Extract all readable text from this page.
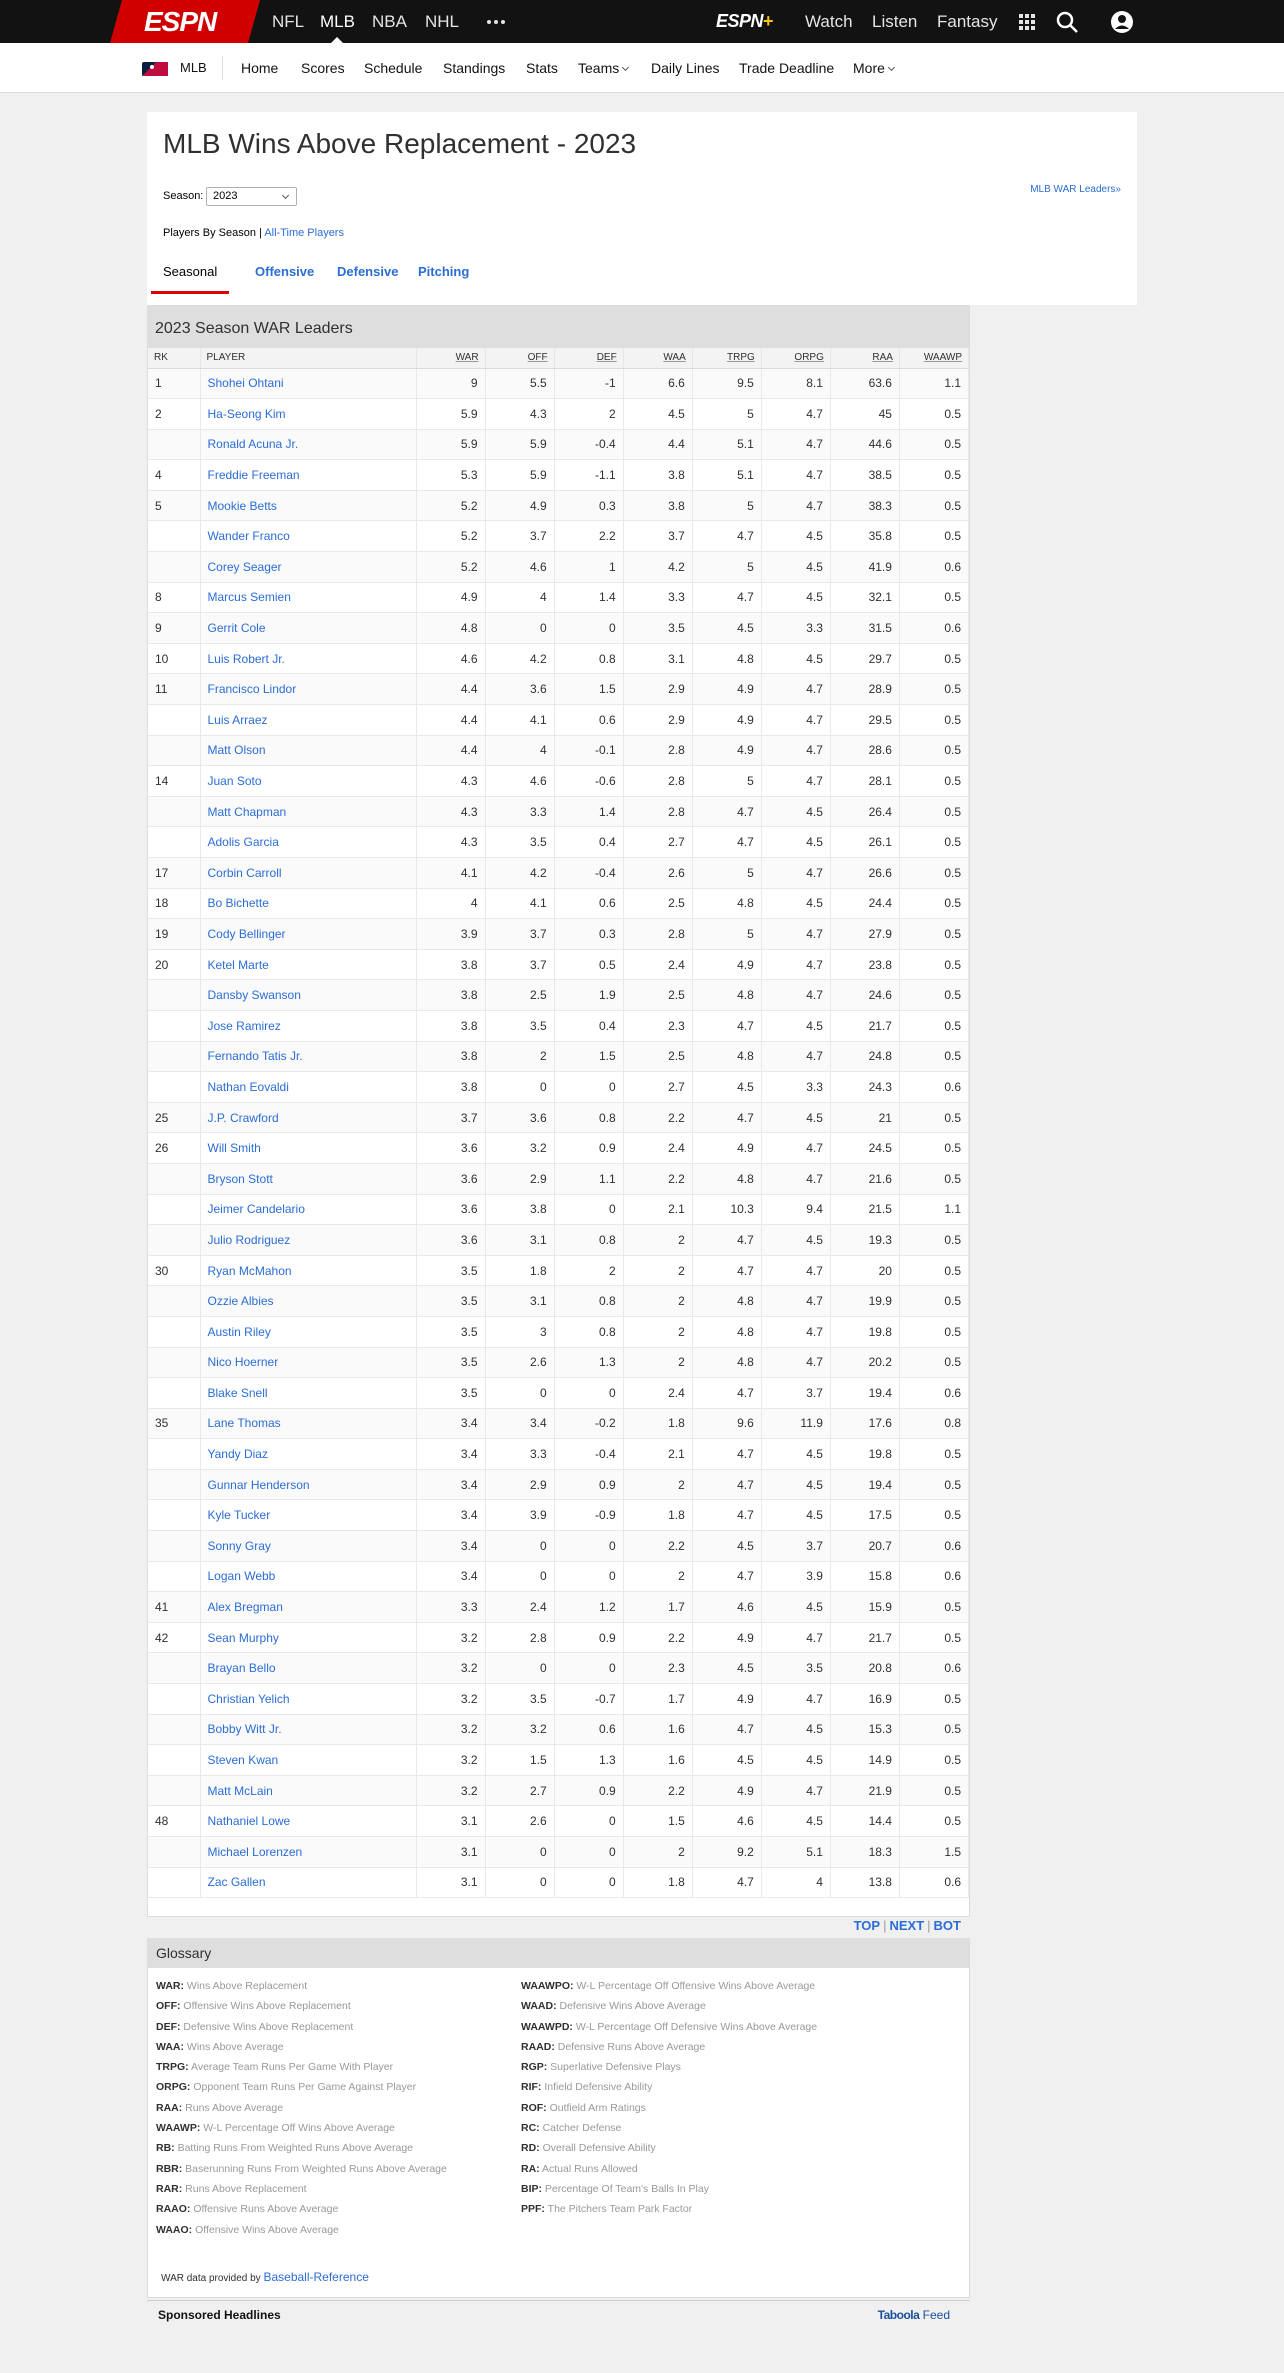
ESPN	NFL MLB NBA NHL	ESPN+ Watch Listen Fantasy
MLB Home Scores Schedule Standings Stats Teams	Daily Lines Trade Deadline More
MLB Wins Above Replacement - 2023
Season: 2023
MLB WAR Leaders»
Players By Season | All-Time Players
Seasonal	Offensive Defensive Pitching
2023 Season WAR Leaders
RK	PLAYER	WAR	OFF	DEF	WAA	TRPG	ORPG	RAA	WAAWP
1	Shohei Ohtani	9	5.5	-1	6.6	9.5	8.1	63.6	1.1
2	Ha-Seong Kim	5.9	4.3	2	4.5	5	4.7	45	0.5
	Ronald Acuna Jr.	5.9	5.9	-0.4	4.4	5.1	4.7	44.6	0.5
4	Freddie Freeman	5.3	5.9	-1.1	3.8	5.1	4.7	38.5	0.5
5	Mookie Betts	5.2	4.9	0.3	3.8	5	4.7	38.3	0.5
	Wander Franco	5.2	3.7	2.2	3.7	4.7	4.5	35.8	0.5
	Corey Seager	5.2	4.6	1	4.2	5	4.5	41.9	0.6
8	Marcus Semien	4.9	4	1.4	3.3	4.7	4.5	32.1	0.5
9	Gerrit Cole	4.8	0	0	3.5	4.5	3.3	31.5	0.6
10	Luis Robert Jr.	4.6	4.2	0.8	3.1	4.8	4.5	29.7	0.5
11	Francisco Lindor	4.4	3.6	1.5	2.9	4.9	4.7	28.9	0.5
	Luis Arraez	4.4	4.1	0.6	2.9	4.9	4.7	29.5	0.5
	Matt Olson	4.4	4	-0.1	2.8	4.9	4.7	28.6	0.5
14	Juan Soto	4.3	4.6	-0.6	2.8	5	4.7	28.1	0.5
	Matt Chapman	4.3	3.3	1.4	2.8	4.7	4.5	26.4	0.5
	Adolis Garcia	4.3	3.5	0.4	2.7	4.7	4.5	26.1	0.5
17	Corbin Carroll	4.1	4.2	-0.4	2.6	5	4.7	26.6	0.5
18	Bo Bichette	4	4.1	0.6	2.5	4.8	4.5	24.4	0.5
19	Cody Bellinger	3.9	3.7	0.3	2.8	5	4.7	27.9	0.5
20	Ketel Marte	3.8	3.7	0.5	2.4	4.9	4.7	23.8	0.5
	Dansby Swanson	3.8	2.5	1.9	2.5	4.8	4.7	24.6	0.5
	Jose Ramirez	3.8	3.5	0.4	2.3	4.7	4.5	21.7	0.5
	Fernando Tatis Jr.	3.8	2	1.5	2.5	4.8	4.7	24.8	0.5
	Nathan Eovaldi	3.8	0	0	2.7	4.5	3.3	24.3	0.6
25	J.P. Crawford	3.7	3.6	0.8	2.2	4.7	4.5	21	0.5
26	Will Smith	3.6	3.2	0.9	2.4	4.9	4.7	24.5	0.5
	Bryson Stott	3.6	2.9	1.1	2.2	4.8	4.7	21.6	0.5
	Jeimer Candelario	3.6	3.8	0	2.1	10.3	9.4	21.5	1.1
	Julio Rodriguez	3.6	3.1	0.8	2	4.7	4.5	19.3	0.5
30	Ryan McMahon	3.5	1.8	2	2	4.7	4.7	20	0.5
	Ozzie Albies	3.5	3.1	0.8	2	4.8	4.7	19.9	0.5
	Austin Riley	3.5	3	0.8	2	4.8	4.7	19.8	0.5
	Nico Hoerner	3.5	2.6	1.3	2	4.8	4.7	20.2	0.5
	Blake Snell	3.5	0	0	2.4	4.7	3.7	19.4	0.6
35	Lane Thomas	3.4	3.4	-0.2	1.8	9.6	11.9	17.6	0.8
	Yandy Diaz	3.4	3.3	-0.4	2.1	4.7	4.5	19.8	0.5
	Gunnar Henderson	3.4	2.9	0.9	2	4.7	4.5	19.4	0.5
	Kyle Tucker	3.4	3.9	-0.9	1.8	4.7	4.5	17.5	0.5
	Sonny Gray	3.4	0	0	2.2	4.5	3.7	20.7	0.6
	Logan Webb	3.4	0	0	2	4.7	3.9	15.8	0.6
41	Alex Bregman	3.3	2.4	1.2	1.7	4.6	4.5	15.9	0.5
42	Sean Murphy	3.2	2.8	0.9	2.2	4.9	4.7	21.7	0.5
	Brayan Bello	3.2	0	0	2.3	4.5	3.5	20.8	0.6
	Christian Yelich	3.2	3.5	-0.7	1.7	4.9	4.7	16.9	0.5
	Bobby Witt Jr.	3.2	3.2	0.6	1.6	4.7	4.5	15.3	0.5
	Steven Kwan	3.2	1.5	1.3	1.6	4.5	4.5	14.9	0.5
	Matt McLain	3.2	2.7	0.9	2.2	4.9	4.7	21.9	0.5
48	Nathaniel Lowe	3.1	2.6	0	1.5	4.6	4.5	14.4	0.5
	Michael Lorenzen	3.1	0	0	2	9.2	5.1	18.3	1.5
	Zac Gallen	3.1	0	0	1.8	4.7	4	13.8	0.6
TOP | NEXT | BOT
Glossary
WAR: Wins Above Replacement
OFF: Offensive Wins Above Replacement
DEF: Defensive Wins Above Replacement
WAA: Wins Above Average
TRPG: Average Team Runs Per Game With Player
ORPG: Opponent Team Runs Per Game Against Player
RAA: Runs Above Average
WAAWP: W-L Percentage Off Wins Above Average
RB: Batting Runs From Weighted Runs Above Average
RBR: Baserunning Runs From Weighted Runs Above Average
RAR: Runs Above Replacement
RAAO: Offensive Runs Above Average
WAAO: Offensive Wins Above Average
WAAWPO: W-L Percentage Off Offensive Wins Above Average
WAAD: Defensive Wins Above Average
WAAWPD: W-L Percentage Off Defensive Wins Above Average
RAAD: Defensive Runs Above Average
RGP: Superlative Defensive Plays
RIF: Infield Defensive Ability
ROF: Outfield Arm Ratings
RC: Catcher Defense
RD: Overall Defensive Ability
RA: Actual Runs Allowed
BIP: Percentage Of Team's Balls In Play
PPF: The Pitchers Team Park Factor
WAR data provided by Baseball-Reference
Sponsored Headlines	Taboola Feed
